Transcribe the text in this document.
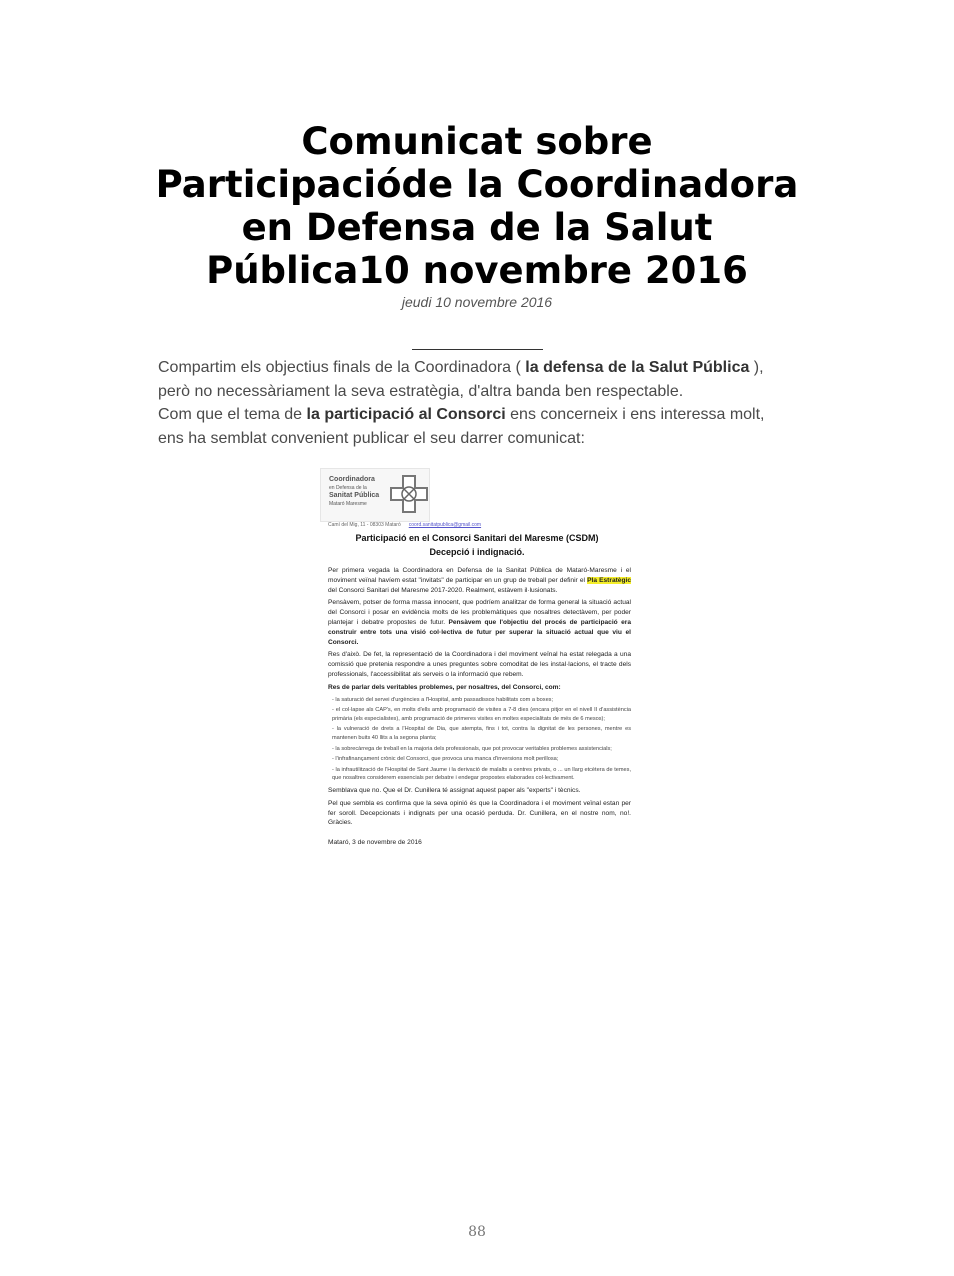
Comunicat sobre
Participacióde la Coordinadora
en Defensa de la Salut
Pública10 novembre 2016
jeudi 10 novembre 2016

Compartim els objectius finals de la Coordinadora ( la defensa de la Salut Pública ),
però no necessàriament la seva estratègia, d'altra banda ben respectable.
Com que el tema de la participació al Consorci ens concerneix i ens interessa molt,
ens ha semblat convenient publicar el seu darrer comunicat:

Coordinadora
en Defensa de la
Sanitat Pública
Mataró Maresme
Camí del Mig, 11 - 08303 Mataró coord.sanitatpublica@gmail.com
Participació en el Consorci Sanitari del Maresme (CSDM)
Decepció i indignació.

Per primera vegada la Coordinadora en Defensa de la Sanitat Pública de Mataró-Maresme i el moviment veïnal havíem estat "invitats" de participar en un grup de treball per definir el Pla Estratègic del Consorci Sanitari del Maresme 2017-2020. Realment, estàvem il·lusionats.

Pensàvem, potser de forma massa innocent, que podríem analitzar de forma general la situació actual del Consorci i posar en evidència molts de les problemàtiques que nosaltres detectàvem, per poder plantejar i debatre propostes de futur. Pensàvem que l'objectiu del procés de participació era construir entre tots una visió col·lectiva de futur per superar la situació actual que viu el Consorci.

Res d'això. De fet, la representació de la Coordinadora i del moviment veïnal ha estat relegada a una comissió que pretenia respondre a unes preguntes sobre comoditat de les instal·lacions, el tracte dels professionals, l'accessibilitat als serveis o la informació que rebem.

Res de parlar dels veritables problemes, per nosaltres, del Consorci, com:

- la saturació del servei d'urgències a l'Hospital, amb passadissos habilitats com a boxes;
- el col·lapse als CAP's, en molts d'ells amb programació de visites a 7-8 dies (encara pitjor en el nivell II d'assistència primària (els especialistes), amb programació de primeres visites en moltes especialitats de més de 6 mesos);
- la vulneració de drets a l'Hospital de Dia, que atempta, fins i tot, contra la dignitat de les persones, mentre es mantenen buits 40 llits a la segona planta;
- la sobrecàrrega de treball en la majoria dels professionals, que pot provocar veritables problemes assistencials;
- l'infrafinançament crònic del Consorci, que provoca una manca d'inversions molt perillosa;
- la infrautilització de l'Hospital de Sant Jaume i la derivació de malalts a centres privats, o ... un llarg etcètera de temes, que nosaltres considerem essencials per debatre i endegar propostes elaborades col·lectivament.

Semblava que no. Que el Dr. Cunillera té assignat aquest paper als "experts" i tècnics.

Pel que sembla es confirma que la seva opinió és que la Coordinadora i el moviment veïnal estan per fer soroll. Decepcionats i indignats per una ocasió perduda. Dr. Cunillera, en el nostre nom, no!. Gràcies.

Mataró, 3 de novembre de 2016

88
